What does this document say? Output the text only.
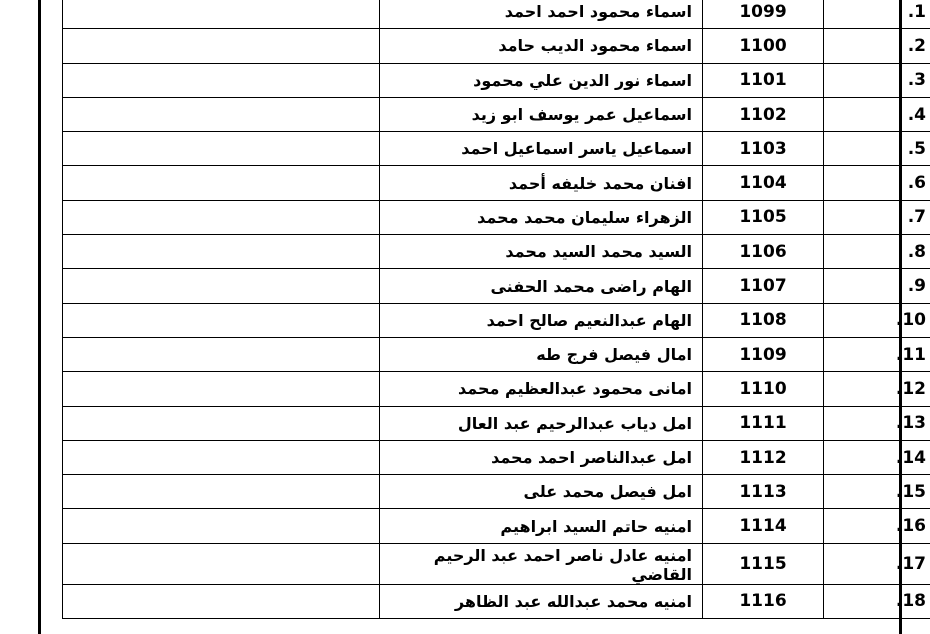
	اسماء محمود احمد احمد	1099	1.
	اسماء محمود الديب حامد	1100	2.
	اسماء نور الدين علي محمود	1101	3.
	اسماعيل عمر يوسف ابو زيد	1102	4.
	اسماعيل ياسر اسماعيل احمد	1103	5.
	افنان محمد خليفه أحمد	1104	6.
	الزهراء سليمان محمد محمد	1105	7.
	السيد محمد السيد محمد	1106	8.
	الهام راضى محمد الحفنى	1107	9.
	الهام عبدالنعيم صالح احمد	1108	10.
	امال فيصل فرج طه	1109	11.
	امانى محمود عبدالعظيم محمد	1110	12.
	امل دياب عبدالرحيم عبد العال	1111	13.
	امل عبدالناصر احمد محمد	1112	14.
	امل فيصل محمد على	1113	15.
	امنيه حاتم السيد ابراهيم	1114	16.
	امنيه عادل ناصر احمد عبد الرحيم القاضي	1115	17.
	امنيه محمد عبدالله عبد الظاهر	1116	18.
